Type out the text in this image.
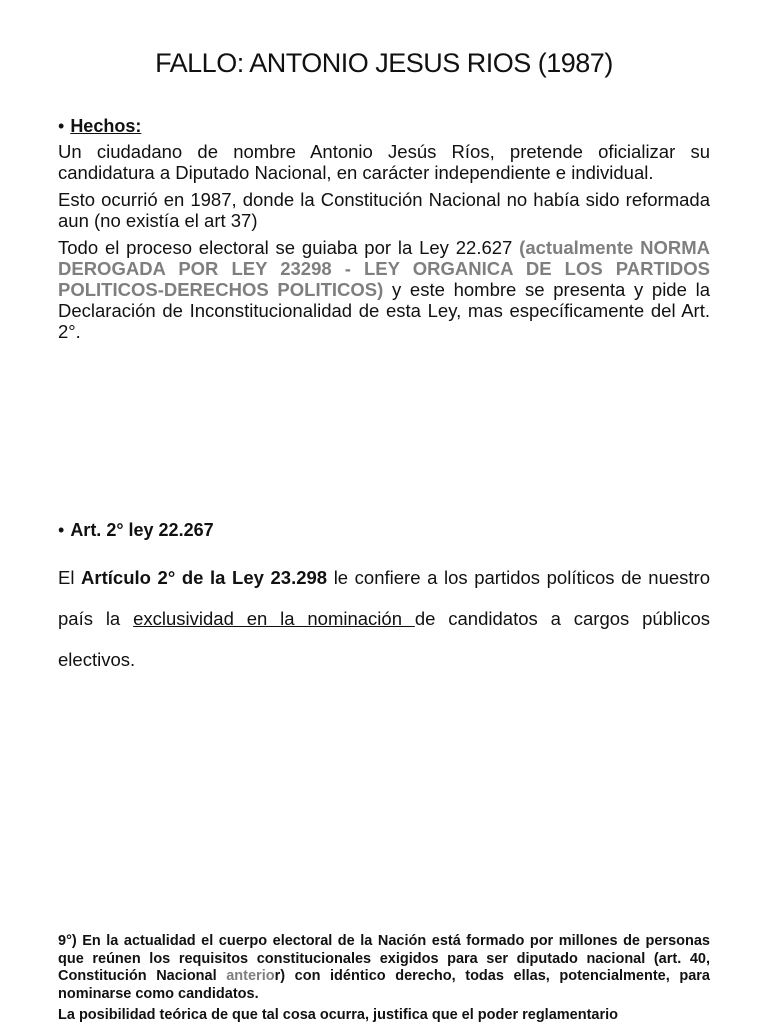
FALLO: ANTONIO JESUS RIOS (1987)
• Hechos:

Un ciudadano de nombre Antonio Jesús Ríos, pretende oficializar su candidatura a Diputado Nacional, en carácter independiente e individual.

Esto ocurrió en 1987, donde la Constitución Nacional no había sido reformada aun (no existía el art 37)

Todo el proceso electoral se guiaba por la Ley 22.627 (actualmente NORMA DEROGADA POR LEY 23298 - LEY ORGANICA DE LOS PARTIDOS POLITICOS-DERECHOS POLITICOS) y este hombre se presenta y pide la Declaración de Inconstitucionalidad de esta Ley, mas específicamente del Art. 2°.

• Art. 2° ley 22.267

El Artículo 2° de la Ley 23.298 le confiere a los partidos políticos de nuestro país la exclusividad en la nominación de candidatos a cargos públicos electivos.

9°) En la actualidad el cuerpo electoral de la Nación está formado por millones de personas que reúnen los requisitos constitucionales exigidos para ser diputado nacional (art. 40, Constitución Nacional anterior) con idéntico derecho, todas ellas, potencialmente, para nominarse como candidatos.

La posibilidad teórica de que tal cosa ocurra, justifica que el poder reglamentario
